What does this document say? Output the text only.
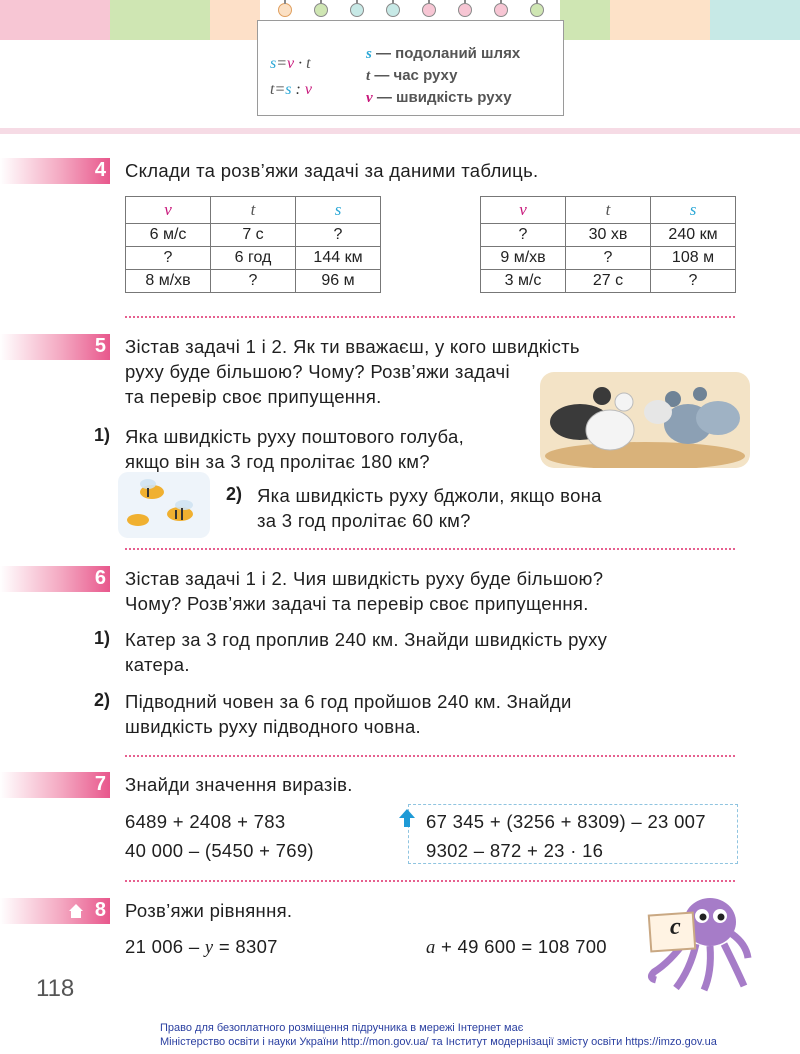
s=v · t
t=s : v
s — подоланий шлях
t — час руху
v — швидкість руху
4 Склади та розв’яжи задачі за даними таблиць.
v	t	s
6 м/с	7 с	?
?	6 год	144 км
8 м/хв	?	96 м
v	t	s
?	30 хв	240 км
9 м/хв	?	108 м
3 м/с	27 с	?
5 Зістав задачі 1 і 2. Як ти вважаєш, у кого швидкість
руху буде більшою? Чому? Розв’яжи задачі
та перевір своє припущення.
1) Яка швидкість руху поштового голуба,
якщо він за 3 год пролітає 180 км?
2) Яка швидкість руху бджоли, якщо вона
за 3 год пролітає 60 км?
6 Зістав задачі 1 і 2. Чия швидкість руху буде більшою?
Чому? Розв’яжи задачі та перевір своє припущення.
1) Катер за 3 год проплив 240 км. Знайди швидкість руху
катера.
2) Підводний човен за 6 год пройшов 240 км. Знайди
швидкість руху підводного човна.
7 Знайди значення виразів.
6489 + 2408 + 783
40 000 – (5450 + 769)
67 345 + (3256 + 8309) – 23 007
9302 – 872 + 23 · 16
8 Розв’яжи рівняння.
21 006 – y = 8307	a + 49 600 = 108 700
c
118
Право для безоплатного розміщення підручника в мережі Інтернет має
Міністерство освіти і науки України http://mon.gov.ua/ та Інститут модернізації змісту освіти https://imzo.gov.ua
